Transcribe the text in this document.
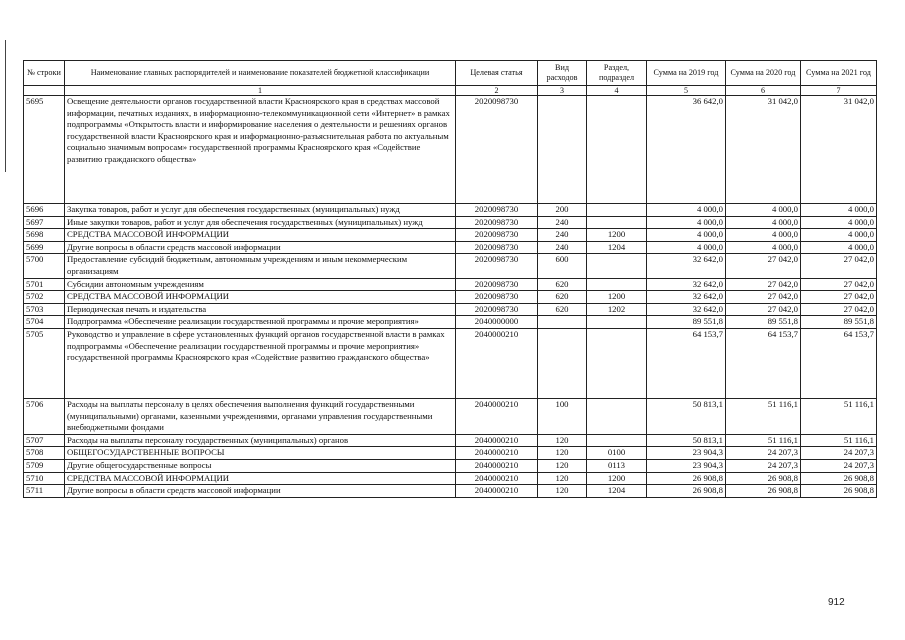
№ строки	Наименование главных распорядителей и наименование показателей бюджетной классификации	Целевая статья	Вид расходов	Раздел, подраздел	Сумма на 2019 год	Сумма на 2020 год	Сумма на 2021 год
	1	2	3	4	5	6	7
5695	Освещение деятельности органов государственной власти Красноярского края в средствах массовой информации, печатных изданиях, в информационно-телекоммуникационной сети «Интернет» в рамках подпрограммы «Открытость власти и информирование населения о деятельности и решениях органов государственной власти Красноярского края и информационно-разъяснительная работа по актуальным социально значимым вопросам» государственной программы Красноярского края «Содействие развитию гражданского общества»	2020098730			36 642,0	31 042,0	31 042,0
5696	Закупка товаров, работ и услуг для обеспечения государственных (муниципальных) нужд	2020098730	200		4 000,0	4 000,0	4 000,0
5697	Иные закупки товаров, работ и услуг для обеспечения государственных (муниципальных) нужд	2020098730	240		4 000,0	4 000,0	4 000,0
5698	СРЕДСТВА МАССОВОЙ ИНФОРМАЦИИ	2020098730	240	1200	4 000,0	4 000,0	4 000,0
5699	Другие вопросы в области средств массовой информации	2020098730	240	1204	4 000,0	4 000,0	4 000,0
5700	Предоставление субсидий бюджетным, автономным учреждениям и иным некоммерческим организациям	2020098730	600		32 642,0	27 042,0	27 042,0
5701	Субсидии автономным учреждениям	2020098730	620		32 642,0	27 042,0	27 042,0
5702	СРЕДСТВА МАССОВОЙ ИНФОРМАЦИИ	2020098730	620	1200	32 642,0	27 042,0	27 042,0
5703	Периодическая печать и издательства	2020098730	620	1202	32 642,0	27 042,0	27 042,0
5704	Подпрограмма «Обеспечение реализации государственной программы и прочие мероприятия»	2040000000			89 551,8	89 551,8	89 551,8
5705	Руководство и управление в сфере установленных функций органов государственной власти в рамках подпрограммы «Обеспечение реализации государственной программы и прочие мероприятия» государственной программы Красноярского края «Содействие развитию гражданского общества»	2040000210			64 153,7	64 153,7	64 153,7
5706	Расходы на выплаты персоналу в целях обеспечения выполнения функций государственными (муниципальными) органами, казенными учреждениями, органами управления государственными внебюджетными фондами	2040000210	100		50 813,1	51 116,1	51 116,1
5707	Расходы на выплаты персоналу государственных (муниципальных) органов	2040000210	120		50 813,1	51 116,1	51 116,1
5708	ОБЩЕГОСУДАРСТВЕННЫЕ ВОПРОСЫ	2040000210	120	0100	23 904,3	24 207,3	24 207,3
5709	Другие общегосударственные вопросы	2040000210	120	0113	23 904,3	24 207,3	24 207,3
5710	СРЕДСТВА МАССОВОЙ ИНФОРМАЦИИ	2040000210	120	1200	26 908,8	26 908,8	26 908,8
5711	Другие вопросы в области средств массовой информации	2040000210	120	1204	26 908,8	26 908,8	26 908,8
912
